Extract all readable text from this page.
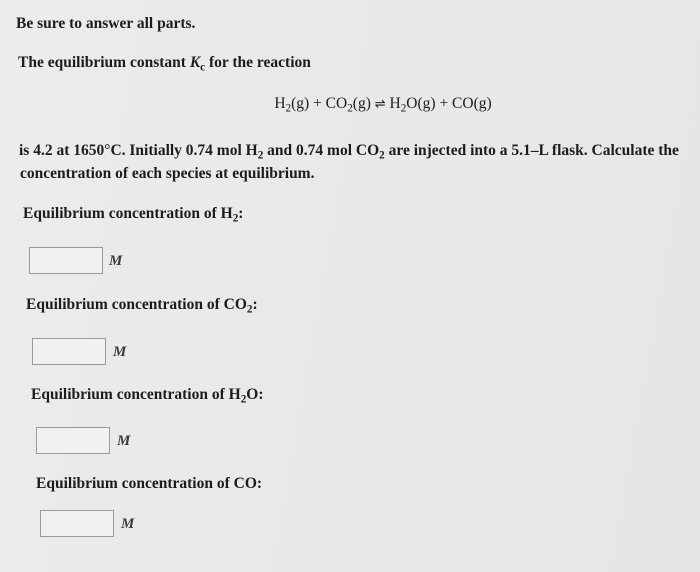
Be sure to answer all parts.
The equilibrium constant $K_c$ for the reaction
$H_2(g) + CO_2(g)$ ⇌ $H_2O(g) + CO(g)$
is 4.2 at 1650°C. Initially 0.74 mol $H_2$ and 0.74 mol $CO_2$ are injected into a 5.1–L flask. Calculate the
concentration of each species at equilibrium.
Equilibrium concentration of $H_2$:
M
Equilibrium concentration of $CO_2$:
M
Equilibrium concentration of $H_2O$:
M
Equilibrium concentration of CO:
M
